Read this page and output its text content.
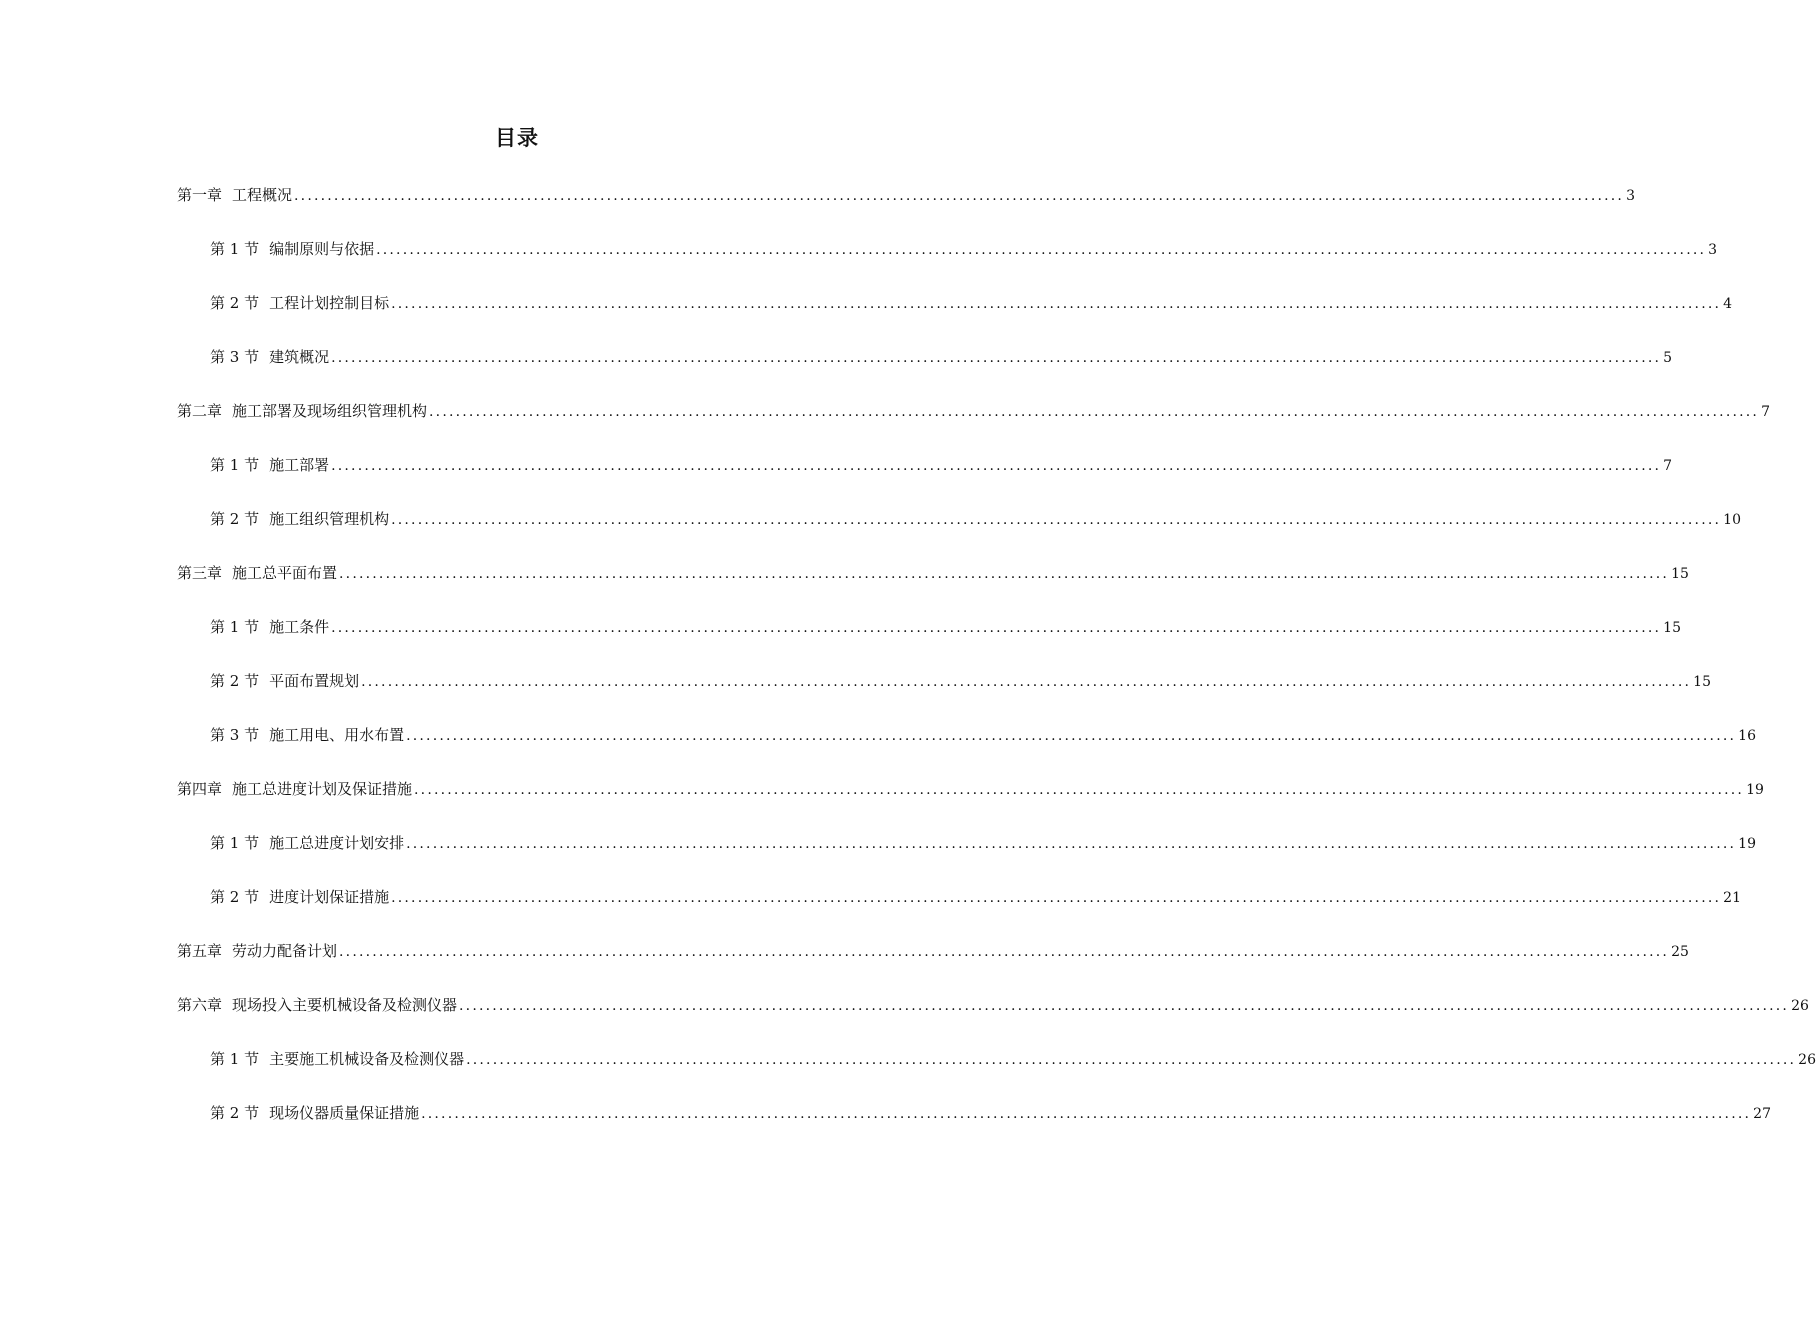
目录
第一章 工程概况 ........................................................................................................................................................................................................ 3
第 1 节 编制原则与依据 ........................................................................................................................................................................................................ 3
第 2 节 工程计划控制目标 ........................................................................................................................................................................................................ 4
第 3 节 建筑概况 ........................................................................................................................................................................................................ 5
第二章 施工部署及现场组织管理机构 ........................................................................................................................................................................................................ 7
第 1 节 施工部署 ........................................................................................................................................................................................................ 7
第 2 节 施工组织管理机构 ........................................................................................................................................................................................................ 10
第三章 施工总平面布置 ........................................................................................................................................................................................................ 15
第 1 节 施工条件 ........................................................................................................................................................................................................ 15
第 2 节 平面布置规划 ........................................................................................................................................................................................................ 15
第 3 节 施工用电、用水布置 ........................................................................................................................................................................................................ 16
第四章 施工总进度计划及保证措施 ........................................................................................................................................................................................................ 19
第 1 节 施工总进度计划安排 ........................................................................................................................................................................................................ 19
第 2 节 进度计划保证措施 ........................................................................................................................................................................................................ 21
第五章 劳动力配备计划 ........................................................................................................................................................................................................ 25
第六章 现场投入主要机械设备及检测仪器 ........................................................................................................................................................................................................ 26
第 1 节 主要施工机械设备及检测仪器 ........................................................................................................................................................................................................ 26
第 2 节 现场仪器质量保证措施 ........................................................................................................................................................................................................ 27
